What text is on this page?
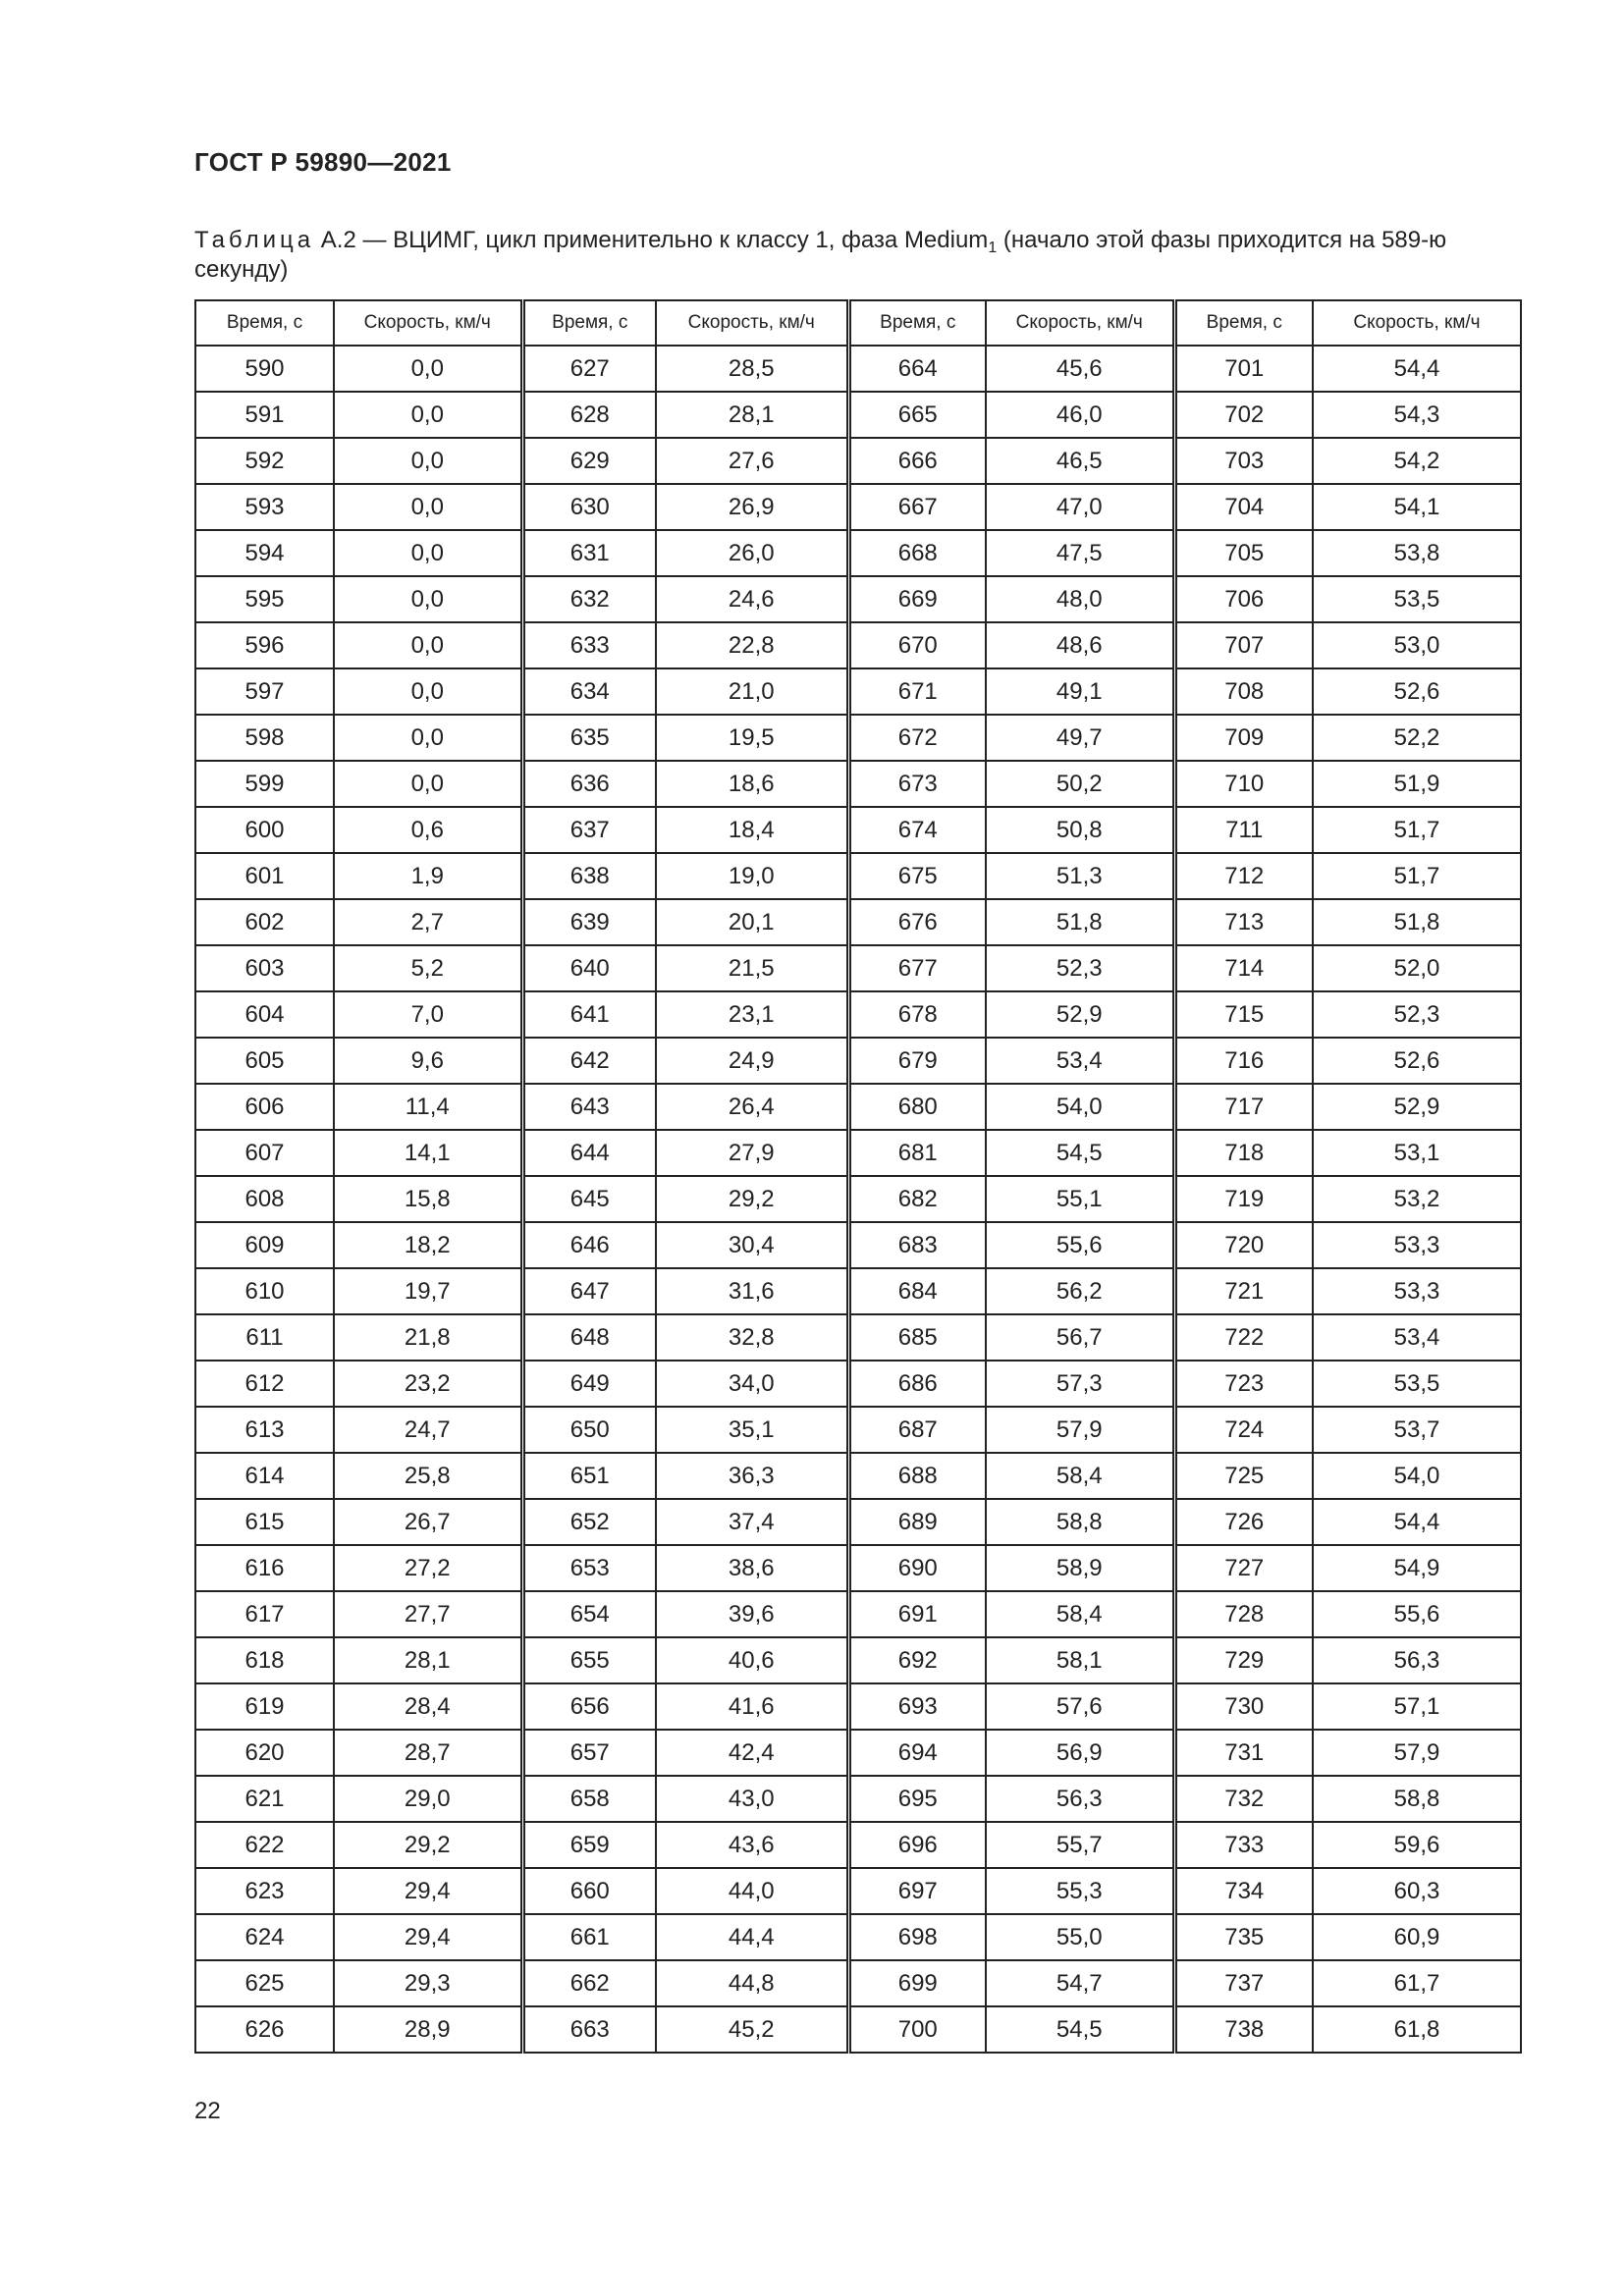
ГОСТ Р 59890—2021
Таблица А.2 — ВЦИМГ, цикл применительно к классу 1, фаза Medium$_1$ (начало этой фазы приходится на 589-ю секунду)
Время, с	Скорость, км/ч	Время, с	Скорость, км/ч	Время, с	Скорость, км/ч	Время, с	Скорость, км/ч
590	0,0	627	28,5	664	45,6	701	54,4
591	0,0	628	28,1	665	46,0	702	54,3
592	0,0	629	27,6	666	46,5	703	54,2
593	0,0	630	26,9	667	47,0	704	54,1
594	0,0	631	26,0	668	47,5	705	53,8
595	0,0	632	24,6	669	48,0	706	53,5
596	0,0	633	22,8	670	48,6	707	53,0
597	0,0	634	21,0	671	49,1	708	52,6
598	0,0	635	19,5	672	49,7	709	52,2
599	0,0	636	18,6	673	50,2	710	51,9
600	0,6	637	18,4	674	50,8	711	51,7
601	1,9	638	19,0	675	51,3	712	51,7
602	2,7	639	20,1	676	51,8	713	51,8
603	5,2	640	21,5	677	52,3	714	52,0
604	7,0	641	23,1	678	52,9	715	52,3
605	9,6	642	24,9	679	53,4	716	52,6
606	11,4	643	26,4	680	54,0	717	52,9
607	14,1	644	27,9	681	54,5	718	53,1
608	15,8	645	29,2	682	55,1	719	53,2
609	18,2	646	30,4	683	55,6	720	53,3
610	19,7	647	31,6	684	56,2	721	53,3
611	21,8	648	32,8	685	56,7	722	53,4
612	23,2	649	34,0	686	57,3	723	53,5
613	24,7	650	35,1	687	57,9	724	53,7
614	25,8	651	36,3	688	58,4	725	54,0
615	26,7	652	37,4	689	58,8	726	54,4
616	27,2	653	38,6	690	58,9	727	54,9
617	27,7	654	39,6	691	58,4	728	55,6
618	28,1	655	40,6	692	58,1	729	56,3
619	28,4	656	41,6	693	57,6	730	57,1
620	28,7	657	42,4	694	56,9	731	57,9
621	29,0	658	43,0	695	56,3	732	58,8
622	29,2	659	43,6	696	55,7	733	59,6
623	29,4	660	44,0	697	55,3	734	60,3
624	29,4	661	44,4	698	55,0	735	60,9
625	29,3	662	44,8	699	54,7	737	61,7
626	28,9	663	45,2	700	54,5	738	61,8
22
